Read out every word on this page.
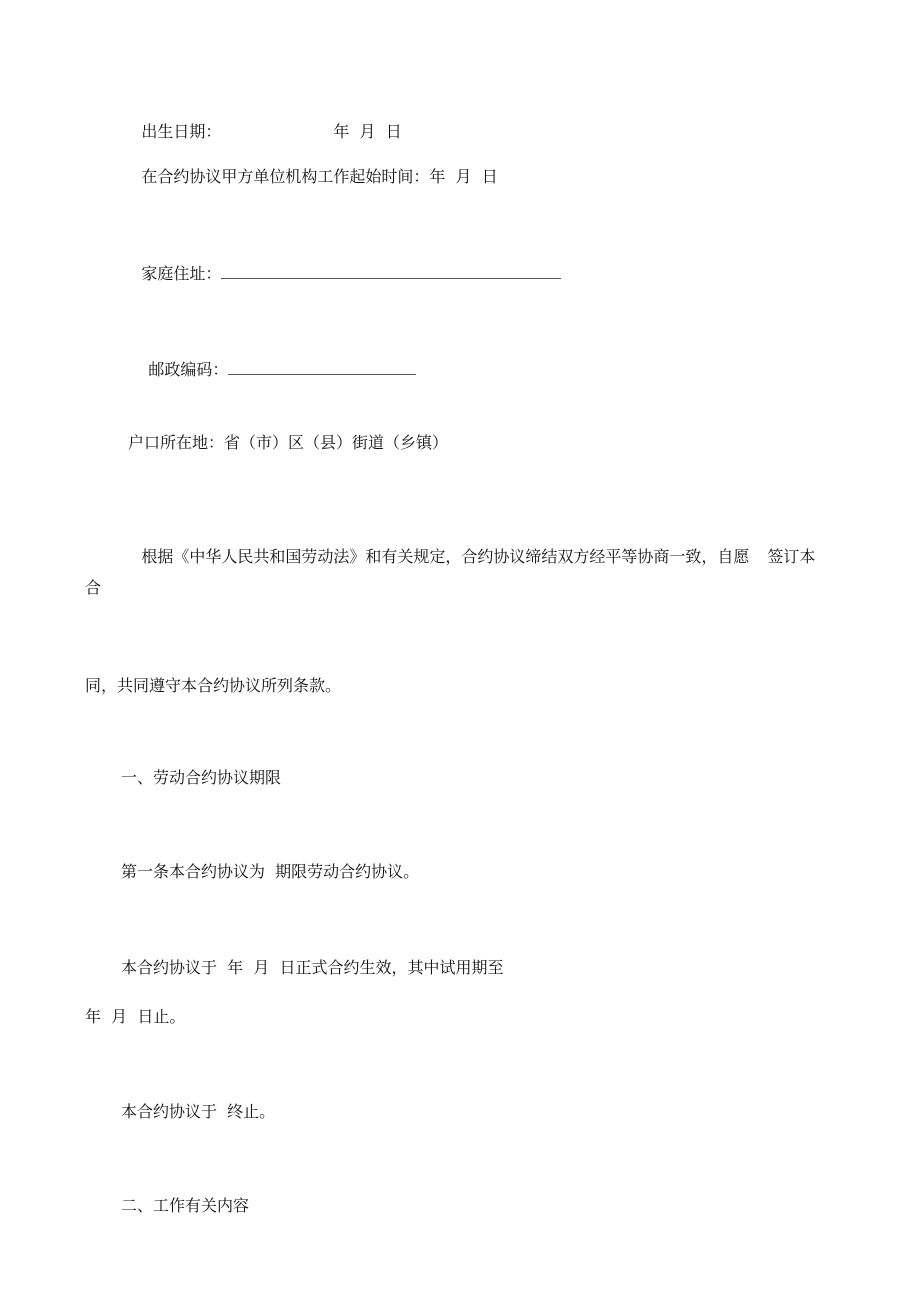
出生日期：	年  月  日

在合约协议甲方单位机构工作起始时间：年  月  日

家庭住址：

邮政编码：

户口所在地：省（市）区（县）街道（乡镇）

根据《中华人民共和国劳动法》和有关规定，合约协议缔结双方经平等协商一致，自愿 签订本

合
同，共同遵守本合约协议所列条款。
一、劳动合约协议期限
第一条本合约协议为  期限劳动合约协议。
本合约协议于  年  月  日正式合约生效，其中试用期至
年  月  日止。
本合约协议于  终止。
二、工作有关内容
